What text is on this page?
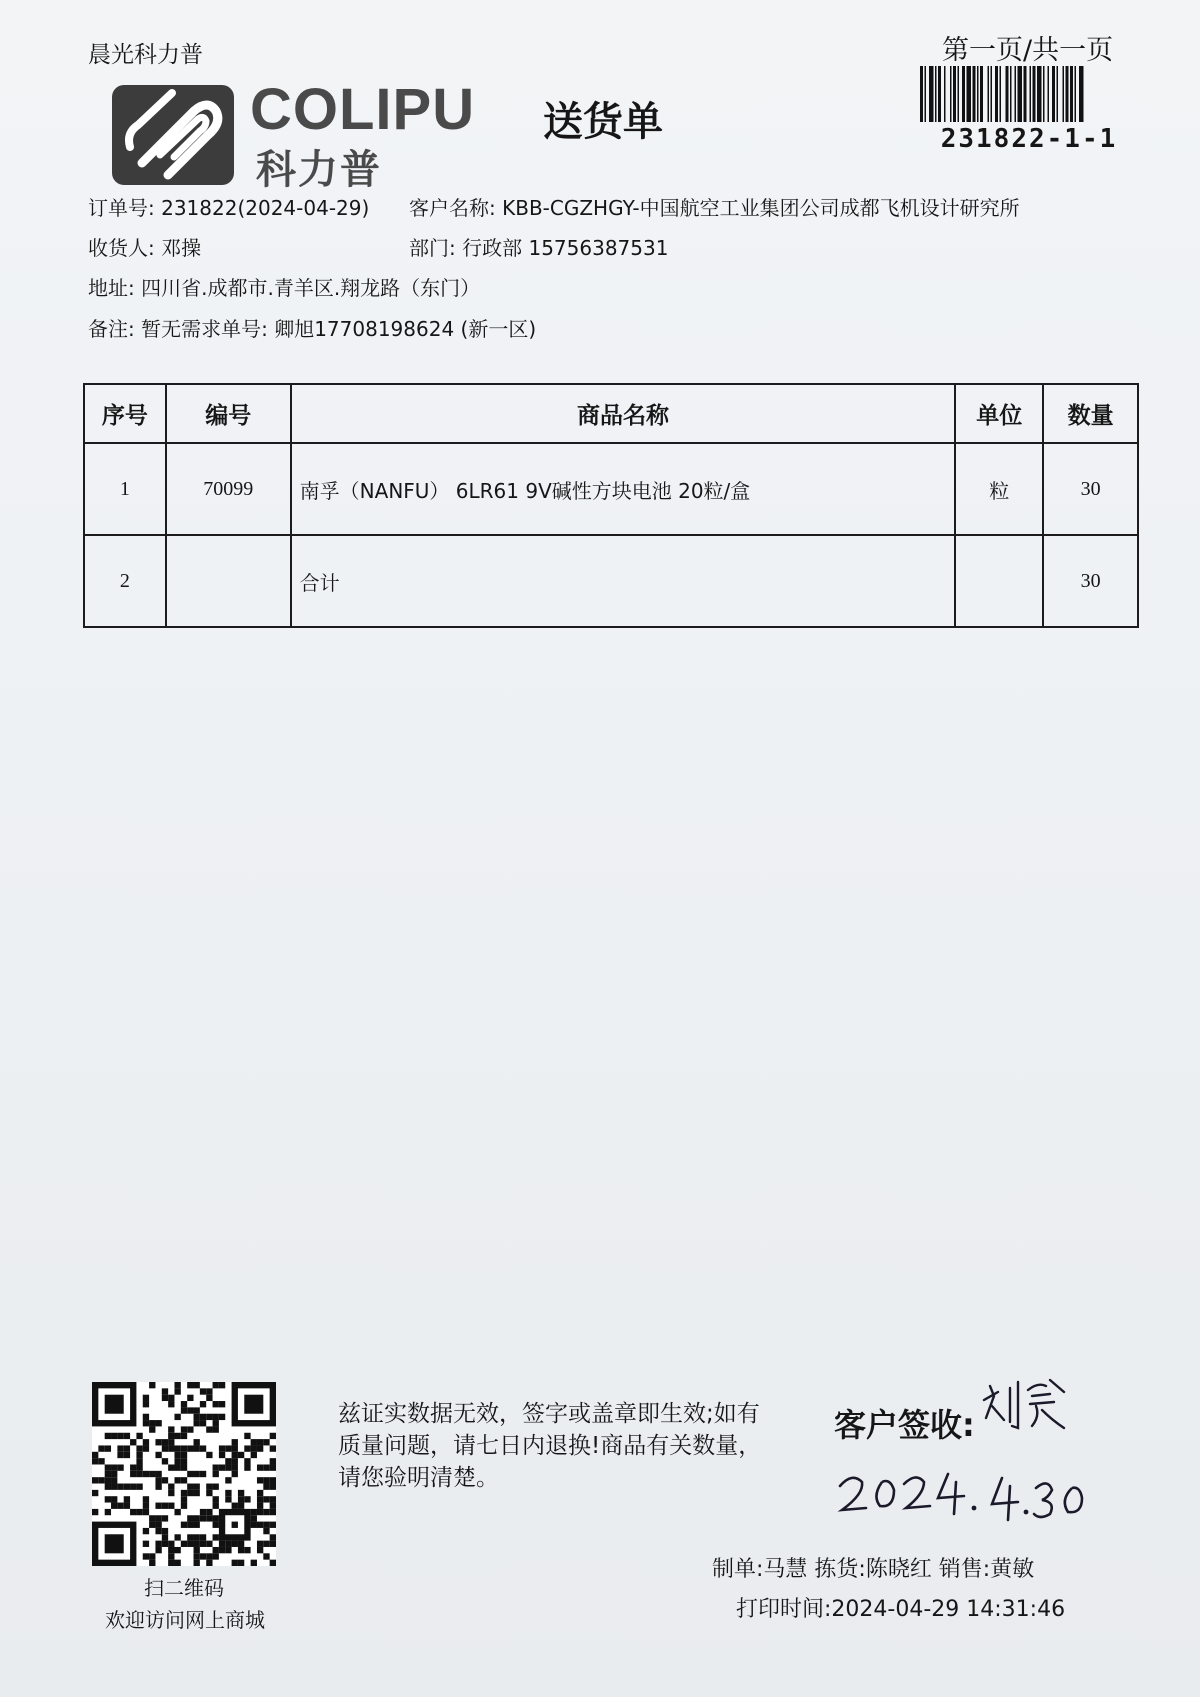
晨光科力普
COLIPU
科力普
送货单
第一页/共一页
231822-1-1
订单号: 231822(2024-04-29) 客户名称: KBB-CGZHGY-中国航空工业集团公司成都飞机设计研究所
收货人: 邓操	部门: 行政部 15756387531
地址: 四川省.成都市.青羊区.翔龙路（东门）
备注: 暂无需求单号: 卿旭17708198624 (新一区)
序号	编号	商品名称	单位	数量
1	70099	南孚（NANFU） 6LR61 9V碱性方块电池 20粒/盒	粒	30
2		合计		30
扫二维码
欢迎访问网上商城
兹证实数据无效，签字或盖章即生效;如有质量问题，请七日内退换!商品有关数量，请您验明清楚。
客户签收:
制单:马慧 拣货:陈晓红 销售:黄敏
打印时间:2024-04-29 14:31:46
